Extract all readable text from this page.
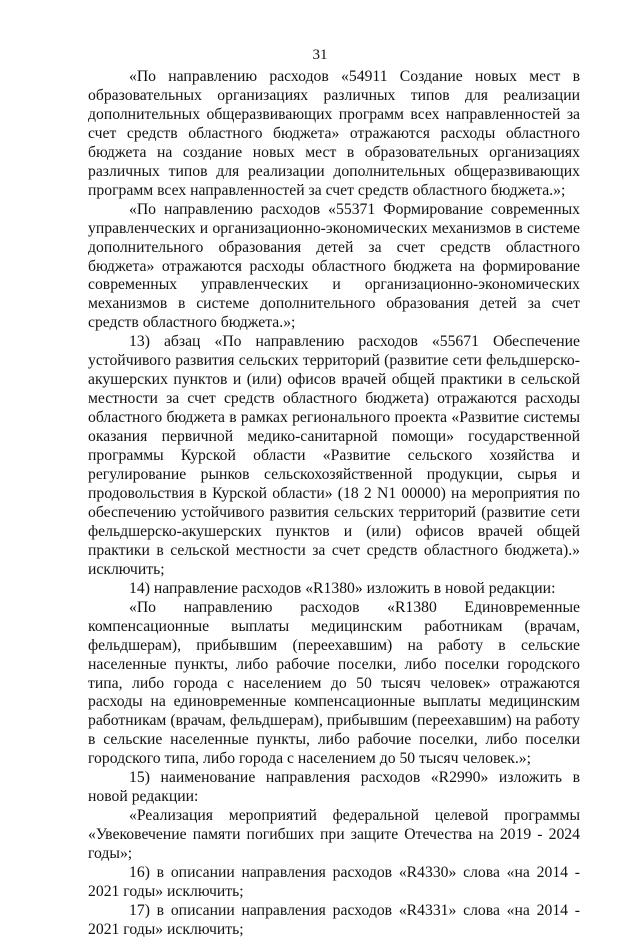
31

«По направлению расходов «54911 Создание новых мест в образовательных организациях различных типов для реализации дополнительных общеразвивающих программ всех направленностей за счет средств областного бюджета» отражаются расходы областного бюджета на создание новых мест в образовательных организациях различных типов для реализации дополнительных общеразвивающих программ всех направленностей за счет средств областного бюджета.»;

«По направлению расходов «55371 Формирование современных управленческих и организационно-экономических механизмов в системе дополнительного образования детей за счет средств областного бюджета» отражаются расходы областного бюджета на формирование современных управленческих и организационно-экономических механизмов в системе дополнительного образования детей за счет средств областного бюджета.»;

13) абзац «По направлению расходов «55671 Обеспечение устойчивого развития сельских территорий (развитие сети фельдшерско-акушерских пунктов и (или) офисов врачей общей практики в сельской местности за счет средств областного бюджета) отражаются расходы областного бюджета в рамках регионального проекта «Развитие системы оказания первичной медико-санитарной помощи» государственной программы Курской области «Развитие сельского хозяйства и регулирование рынков сельскохозяйственной продукции, сырья и продовольствия в Курской области» (18 2 N1 00000) на мероприятия по обеспечению устойчивого развития сельских территорий (развитие сети фельдшерско-акушерских пунктов и (или) офисов врачей общей практики в сельской местности за счет средств областного бюджета).» исключить;

14) направление расходов «R1380» изложить в новой редакции:

«По направлению расходов «R1380 Единовременные компенсационные выплаты медицинским работникам (врачам, фельдшерам), прибывшим (переехавшим) на работу в сельские населенные пункты, либо рабочие поселки, либо поселки городского типа, либо города с населением до 50 тысяч человек» отражаются расходы на единовременные компенсационные выплаты медицинским работникам (врачам, фельдшерам), прибывшим (переехавшим) на работу в сельские населенные пункты, либо рабочие поселки, либо поселки городского типа, либо города с населением до 50 тысяч человек.»;

15) наименование направления расходов «R2990» изложить в новой редакции:

«Реализация мероприятий федеральной целевой программы «Увековечение памяти погибших при защите Отечества на 2019 - 2024 годы»;

16) в описании направления расходов «R4330» слова «на 2014 - 2021 годы» исключить;

17) в описании направления расходов «R4331» слова «на 2014 - 2021 годы» исключить;
